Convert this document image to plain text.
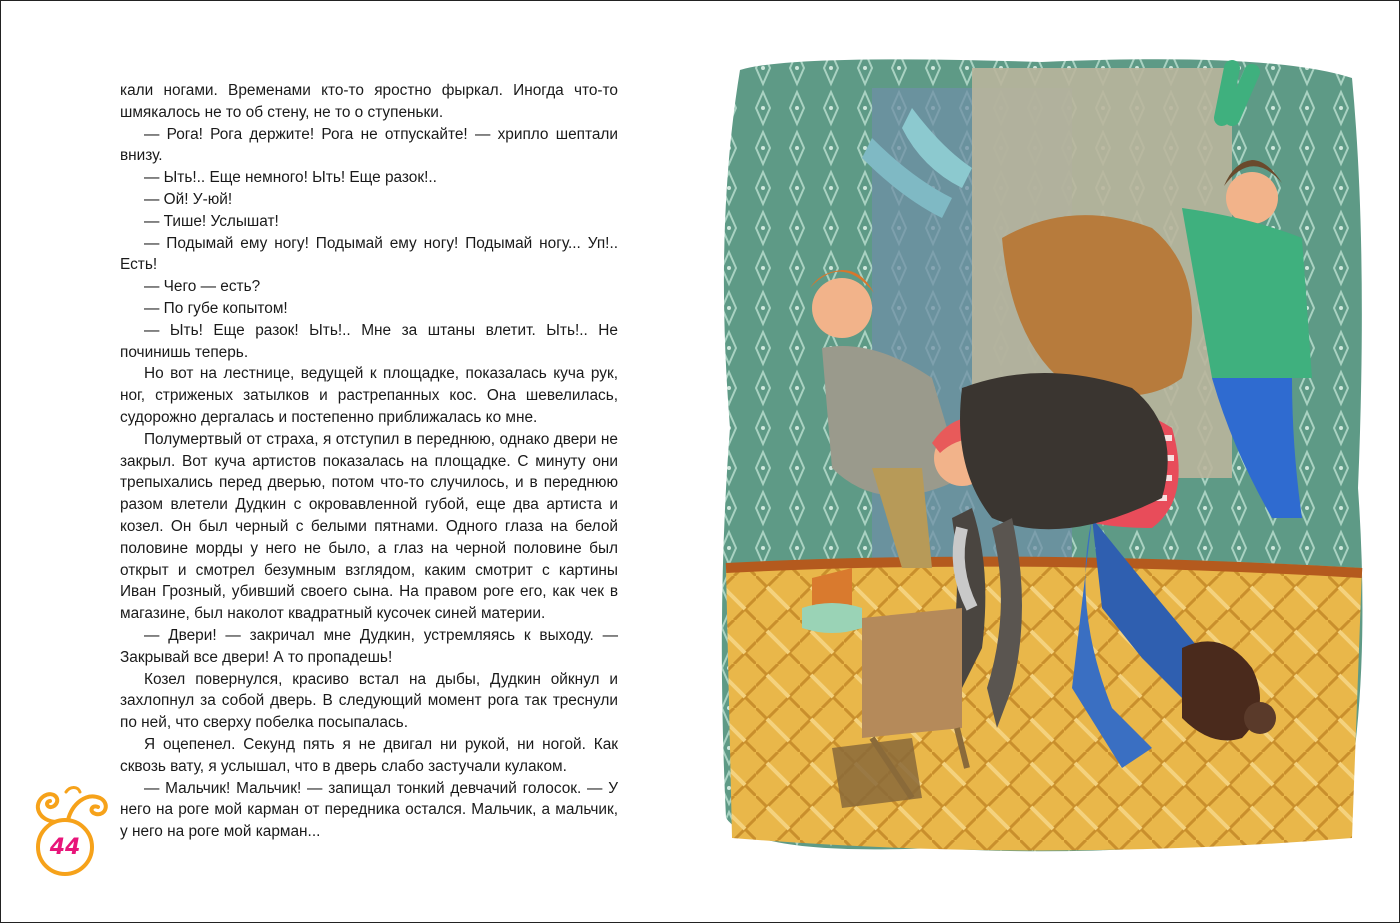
кали ногами. Временами кто-то яростно фыркал. Иногда что-то шмякалось не то об стену, не то о ступеньки.

— Рога! Рога держите! Рога не отпускайте! — хрипло шептали внизу.

— Ыть!.. Еще немного! Ыть! Еще разок!..

— Ой! У-юй!

— Тише! Услышат!

— Подымай ему ногу! Подымай ему ногу! Подымай ногу... Уп!.. Есть!

— Чего — есть?

— По губе копытом!

— Ыть! Еще разок! Ыть!.. Мне за штаны влетит. Ыть!.. Не починишь теперь.

Но вот на лестнице, ведущей к площадке, показалась куча рук, ног, стриженых затылков и растрепанных кос. Она шевелилась, судорожно дергалась и постепенно приближалась ко мне.

Полумертвый от страха, я отступил в переднюю, однако двери не закрыл. Вот куча артистов показалась на площадке. С минуту они трепыхались перед дверью, потом что-то случилось, и в переднюю разом влетели Дудкин с окровавленной губой, еще два артиста и козел. Он был черный с белыми пятнами. Одного глаза на белой половине морды у него не было, а глаз на черной половине был открыт и смотрел безумным взглядом, каким смотрит с картины Иван Грозный, убивший своего сына. На правом роге его, как чек в магазине, был наколот квадратный кусочек синей материи.

— Двери! — закричал мне Дудкин, устремляясь к выходу. — Закрывай все двери! А то пропадешь!

Козел повернулся, красиво встал на дыбы, Дудкин ойкнул и захлопнул за собой дверь. В следующий момент рога так треснули по ней, что сверху побелка посыпалась.

Я оцепенел. Секунд пять я не двигал ни рукой, ни ногой. Как сквозь вату, я услышал, что в дверь слабо застучали кулаком.

— Мальчик! Мальчик! — запищал тонкий девчачий голосок. — У него на роге мой карман от передника остался. Мальчик, а мальчик, у него на роге мой карман...

44
